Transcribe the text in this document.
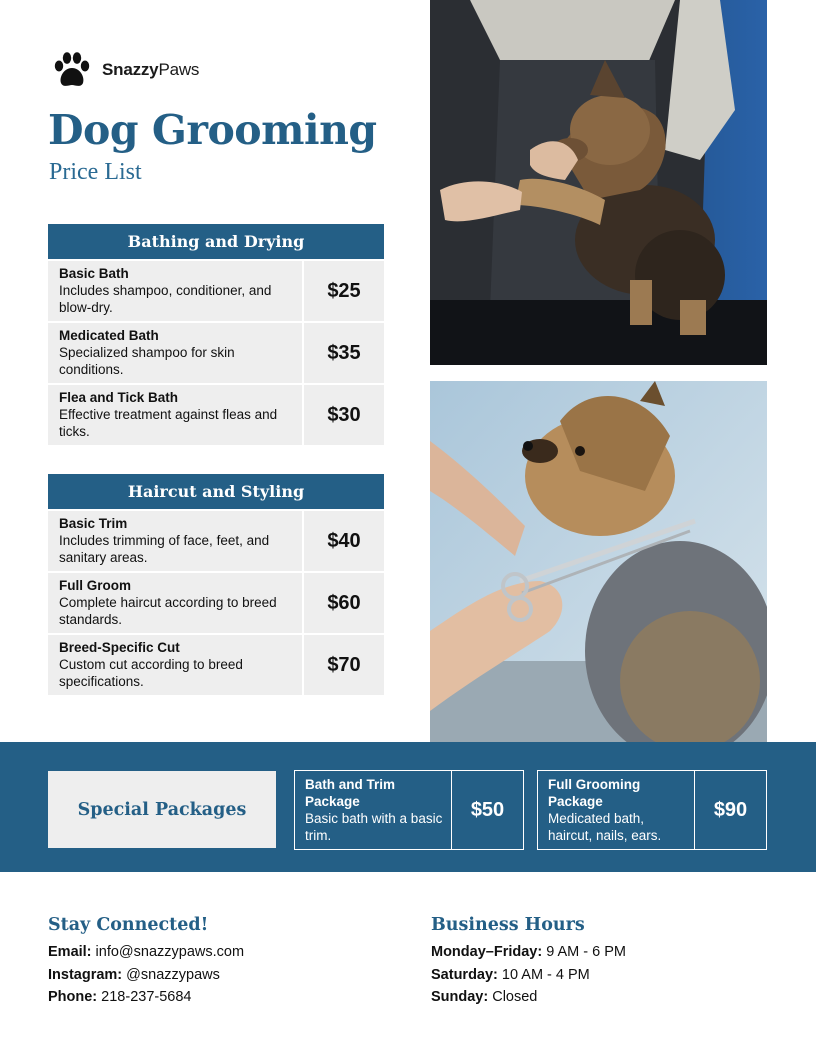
SnazzyPaws
Dog Grooming
Price List
Bathing and Drying
Basic Bath
Includes shampoo, conditioner, and blow-dry.
$25
Medicated Bath
Specialized shampoo for skin conditions.
$35
Flea and Tick Bath
Effective treatment against fleas and ticks.
$30
Haircut and Styling
Basic Trim
Includes trimming of face, feet, and sanitary areas.
$40
Full Groom
Complete haircut according to breed standards.
$60
Breed-Specific Cut
Custom cut according to breed specifications.
$70
Special Packages
Bath and Trim Package
Basic bath with a basic trim.
$50
Full Grooming Package
Medicated bath, haircut, nails, ears.
$90
Stay Connected!
Email: info@snazzypaws.com
Instagram: @snazzypaws
Phone: 218-237-5684
Business Hours
Monday–Friday: 9 AM - 6 PM
Saturday: 10 AM - 4 PM
Sunday: Closed
